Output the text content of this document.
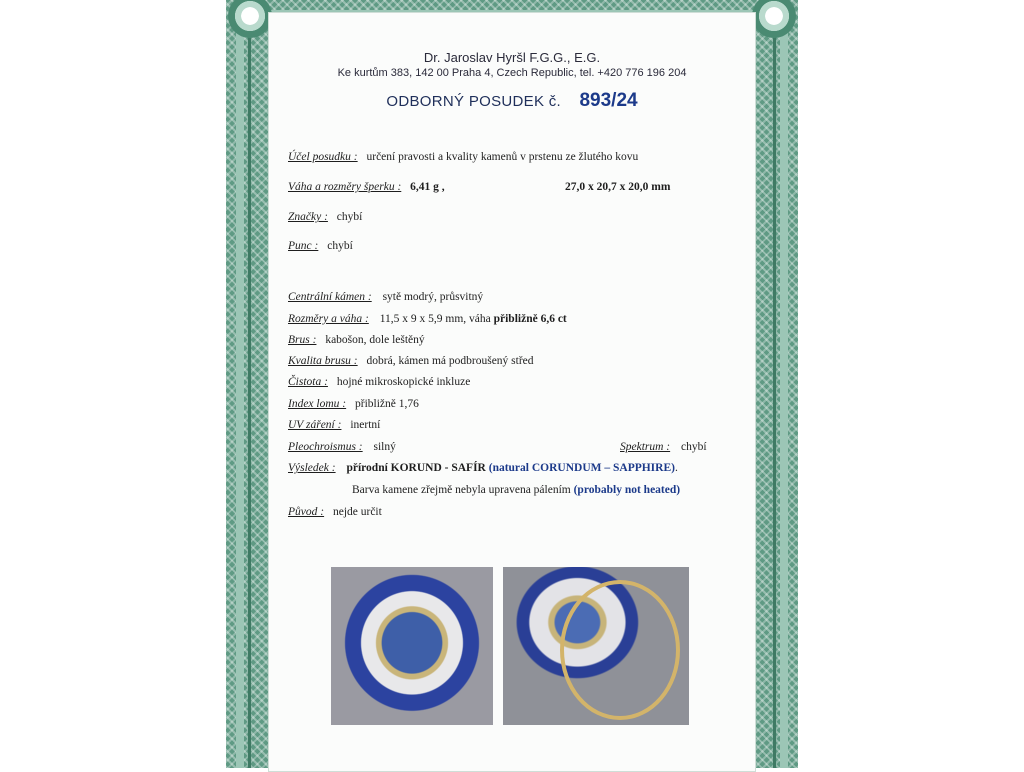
Dr. Jaroslav Hyršl F.G.G., E.G.
Ke kurtům 383, 142 00 Praha 4, Czech Republic, tel. +420 776 196 204
ODBORNÝ POSUDEK č. 893/24
Účel posudku : určení pravosti a kvality kamenů v prstenu ze žlutého kovu
Váha a rozměry šperku : 6,41 g ,	27,0 x 20,7 x 20,0 mm
Značky : chybí
Punc : chybí
Centrální kámen : sytě modrý, průsvitný
Rozměry a váha : 11,5 x 9 x 5,9 mm, váha přibližně 6,6 ct
Brus : kabošon, dole leštěný
Kvalita brusu : dobrá, kámen má podbroušený střed
Čistota : hojné mikroskopické inkluze
Index lomu : přibližně 1,76
UV záření : inertní
Pleochroismus : silný	Spektrum : chybí
Výsledek : přírodní KORUND - SAFÍR (natural CORUNDUM – SAPPHIRE).
Barva kamene zřejmě nebyla upravena pálením (probably not heated)
Původ : nejde určit
